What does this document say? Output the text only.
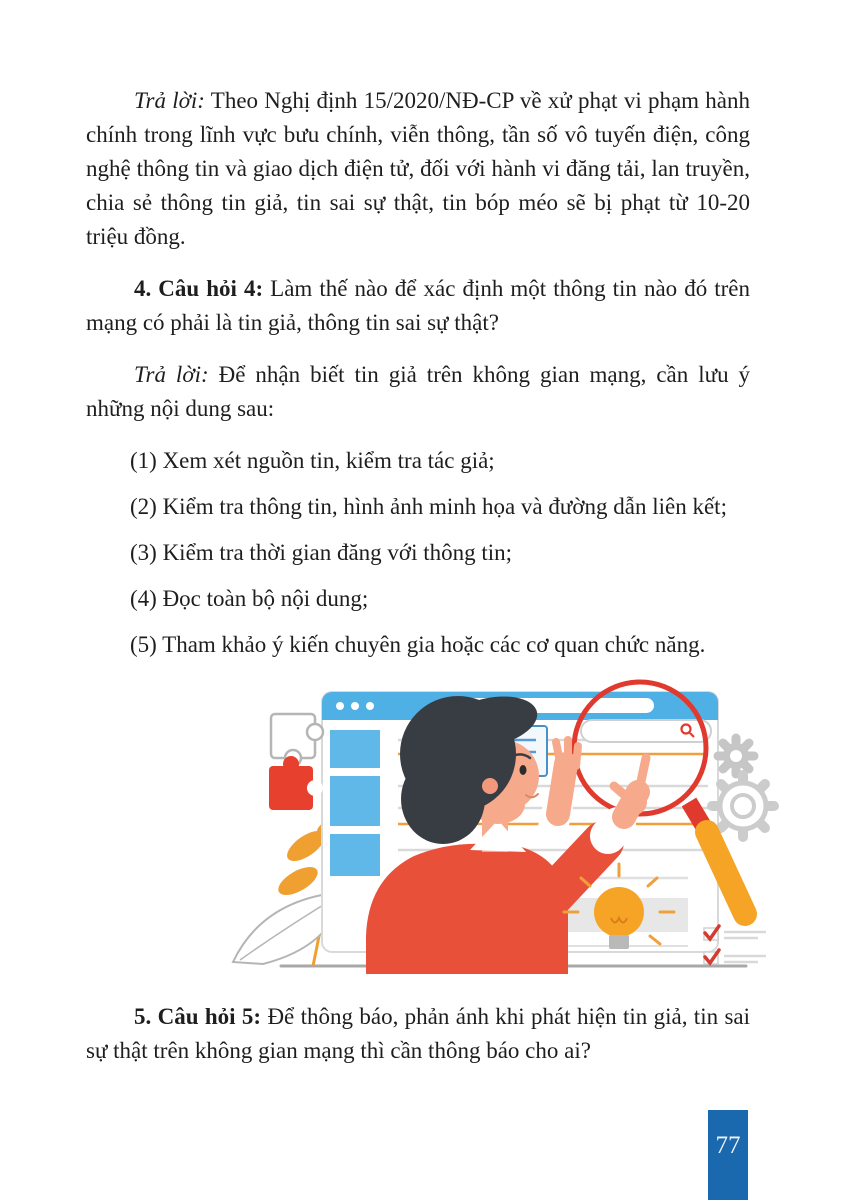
Trả lời: Theo Nghị định 15/2020/NĐ-CP về xử phạt vi phạm hành chính trong lĩnh vực bưu chính, viễn thông, tần số vô tuyến điện, công nghệ thông tin và giao dịch điện tử, đối với hành vi đăng tải, lan truyền, chia sẻ thông tin giả, tin sai sự thật, tin bóp méo sẽ bị phạt từ 10-20 triệu đồng.

4. Câu hỏi 4: Làm thế nào để xác định một thông tin nào đó trên mạng có phải là tin giả, thông tin sai sự thật?

Trả lời: Để nhận biết tin giả trên không gian mạng, cần lưu ý những nội dung sau:

(1) Xem xét nguồn tin, kiểm tra tác giả;

(2) Kiểm tra thông tin, hình ảnh minh họa và đường dẫn liên kết;

(3) Kiểm tra thời gian đăng với thông tin;

(4) Đọc toàn bộ nội dung;

(5) Tham khảo ý kiến chuyên gia hoặc các cơ quan chức năng.

5. Câu hỏi 5: Để thông báo, phản ánh khi phát hiện tin giả, tin sai sự thật trên không gian mạng thì cần thông báo cho ai?

77
